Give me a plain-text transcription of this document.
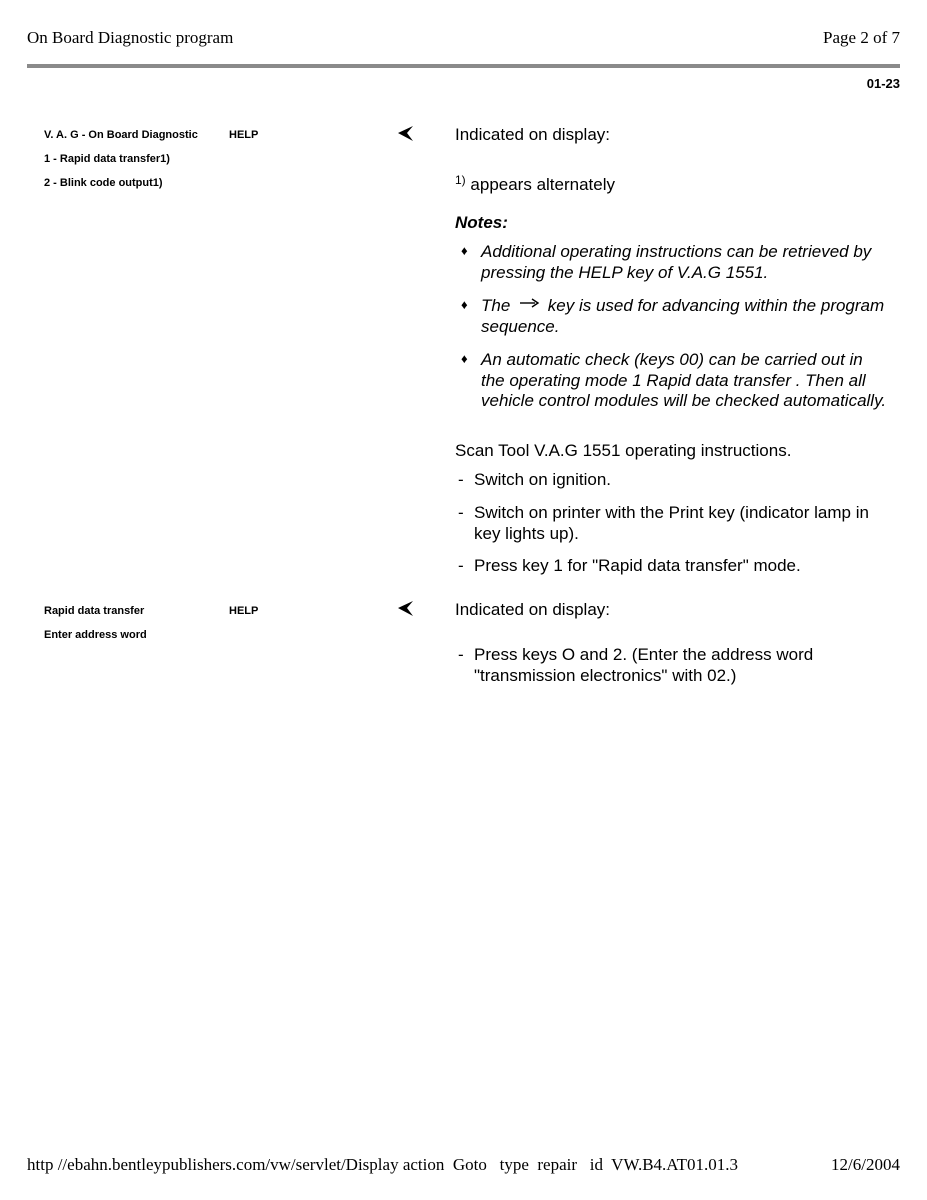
On Board Diagnostic program	Page 2 of 7
01-23
V. A. G - On Board Diagnostic	HELP
1 - Rapid data transfer1)
2 - Blink code output1)
Indicated on display:
$^{1)}$ appears alternately
Notes:
♦ Additional operating instructions can be retrieved by pressing the HELP key of V.A.G 1551.
♦ The key is used for advancing within the program sequence.
♦ An automatic check (keys 00) can be carried out in the operating mode 1 Rapid data transfer . Then all vehicle control modules will be checked automatically.
Scan Tool V.A.G 1551 operating instructions.
- Switch on ignition.
- Switch on printer with the Print key (indicator lamp in key lights up).
- Press key 1 for "Rapid data transfer" mode.
Rapid data transfer	HELP
Enter address word
Indicated on display:
- Press keys O and 2. (Enter the address word "transmission electronics" with 02.)
http //ebahn.bentleypublishers.com/vw/servlet/Display action  Goto   type  repair   id  VW.B4.AT01.01.3	12/6/2004
